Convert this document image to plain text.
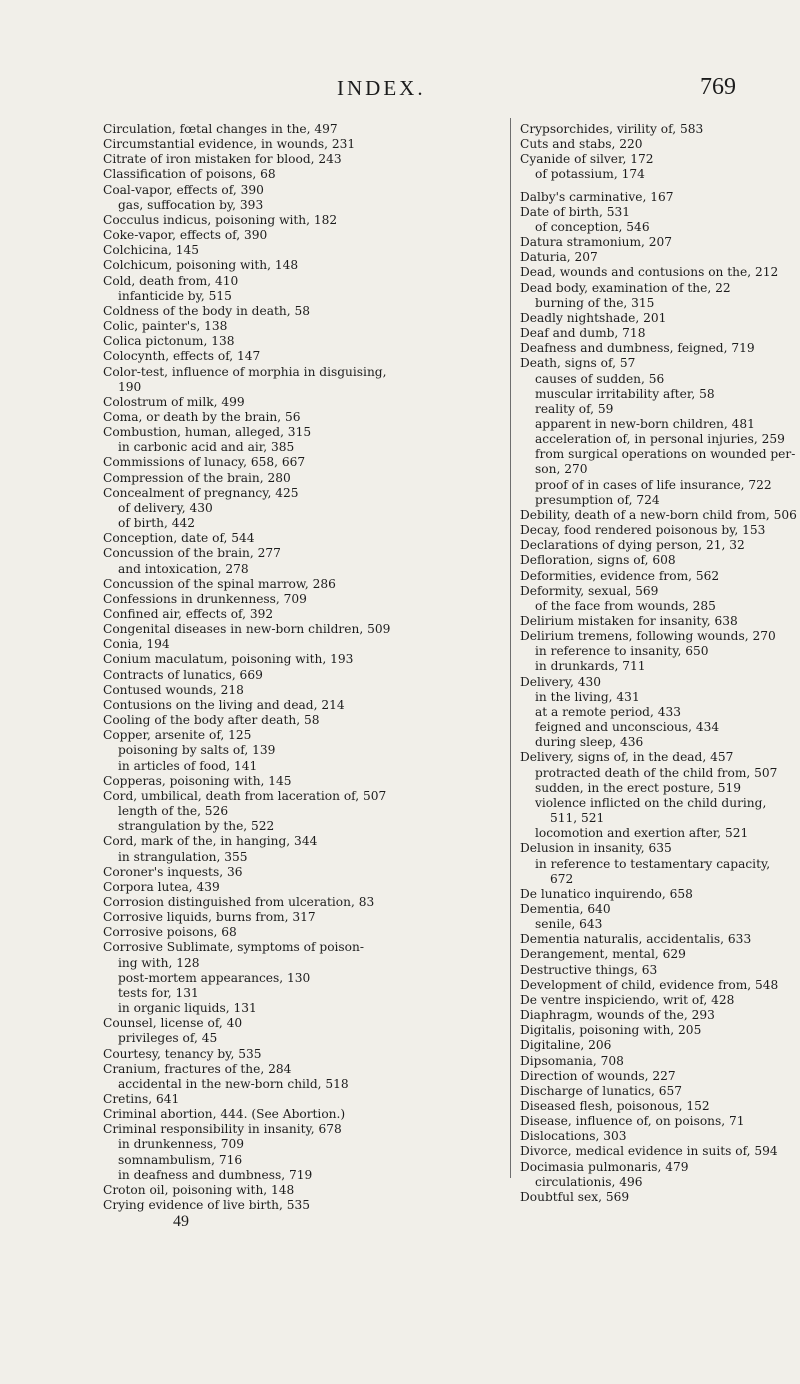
INDEX.	769
Circulation, fœtal changes in the, 497
Circumstantial evidence, in wounds, 231
Citrate of iron mistaken for blood, 243
Classification of poisons, 68
Coal-vapor, effects of, 390
gas, suffocation by, 393
Cocculus indicus, poisoning with, 182
Coke-vapor, effects of, 390
Colchicina, 145
Colchicum, poisoning with, 148
Cold, death from, 410
infanticide by, 515
Coldness of the body in death, 58
Colic, painter's, 138
Colica pictonum, 138
Colocynth, effects of, 147
Color-test, influence of morphia in disguising,
190
Colostrum of milk, 499
Coma, or death by the brain, 56
Combustion, human, alleged, 315
in carbonic acid and air, 385
Commissions of lunacy, 658, 667
Compression of the brain, 280
Concealment of pregnancy, 425
of delivery, 430
of birth, 442
Conception, date of, 544
Concussion of the brain, 277
and intoxication, 278
Concussion of the spinal marrow, 286
Confessions in drunkenness, 709
Confined air, effects of, 392
Congenital diseases in new-born children, 509
Conia, 194
Conium maculatum, poisoning with, 193
Contracts of lunatics, 669
Contused wounds, 218
Contusions on the living and dead, 214
Cooling of the body after death, 58
Copper, arsenite of, 125
poisoning by salts of, 139
in articles of food, 141
Copperas, poisoning with, 145
Cord, umbilical, death from laceration of, 507
length of the, 526
strangulation by the, 522
Cord, mark of the, in hanging, 344
in strangulation, 355
Coroner's inquests, 36
Corpora lutea, 439
Corrosion distinguished from ulceration, 83
Corrosive liquids, burns from, 317
Corrosive poisons, 68
Corrosive Sublimate, symptoms of poison-
ing with, 128
post-mortem appearances, 130
tests for, 131
in organic liquids, 131
Counsel, license of, 40
privileges of, 45
Courtesy, tenancy by, 535
Cranium, fractures of the, 284
accidental in the new-born child, 518
Cretins, 641
Criminal abortion, 444. (See Abortion.)
Criminal responsibility in insanity, 678
in drunkenness, 709
somnambulism, 716
in deafness and dumbness, 719
Croton oil, poisoning with, 148
Crying evidence of live birth, 535
49
Crypsorchides, virility of, 583
Cuts and stabs, 220
Cyanide of silver, 172
of potassium, 174
Dalby's carminative, 167
Date of birth, 531
of conception, 546
Datura stramonium, 207
Daturia, 207
Dead, wounds and contusions on the, 212
Dead body, examination of the, 22
burning of the, 315
Deadly nightshade, 201
Deaf and dumb, 718
Deafness and dumbness, feigned, 719
Death, signs of, 57
causes of sudden, 56
muscular irritability after, 58
reality of, 59
apparent in new-born children, 481
acceleration of, in personal injuries, 259
from surgical operations on wounded per-
son, 270
proof of in cases of life insurance, 722
presumption of, 724
Debility, death of a new-born child from, 506
Decay, food rendered poisonous by, 153
Declarations of dying person, 21, 32
Defloration, signs of, 608
Deformities, evidence from, 562
Deformity, sexual, 569
of the face from wounds, 285
Delirium mistaken for insanity, 638
Delirium tremens, following wounds, 270
in reference to insanity, 650
in drunkards, 711
Delivery, 430
in the living, 431
at a remote period, 433
feigned and unconscious, 434
during sleep, 436
Delivery, signs of, in the dead, 457
protracted death of the child from, 507
sudden, in the erect posture, 519
violence inflicted on the child during,
511, 521
locomotion and exertion after, 521
Delusion in insanity, 635
in reference to testamentary capacity,
672
De lunatico inquirendo, 658
Dementia, 640
senile, 643
Dementia naturalis, accidentalis, 633
Derangement, mental, 629
Destructive things, 63
Development of child, evidence from, 548
De ventre inspiciendo, writ of, 428
Diaphragm, wounds of the, 293
Digitalis, poisoning with, 205
Digitaline, 206
Dipsomania, 708
Direction of wounds, 227
Discharge of lunatics, 657
Diseased flesh, poisonous, 152
Disease, influence of, on poisons, 71
Dislocations, 303
Divorce, medical evidence in suits of, 594
Docimasia pulmonaris, 479
circulationis, 496
Doubtful sex, 569
